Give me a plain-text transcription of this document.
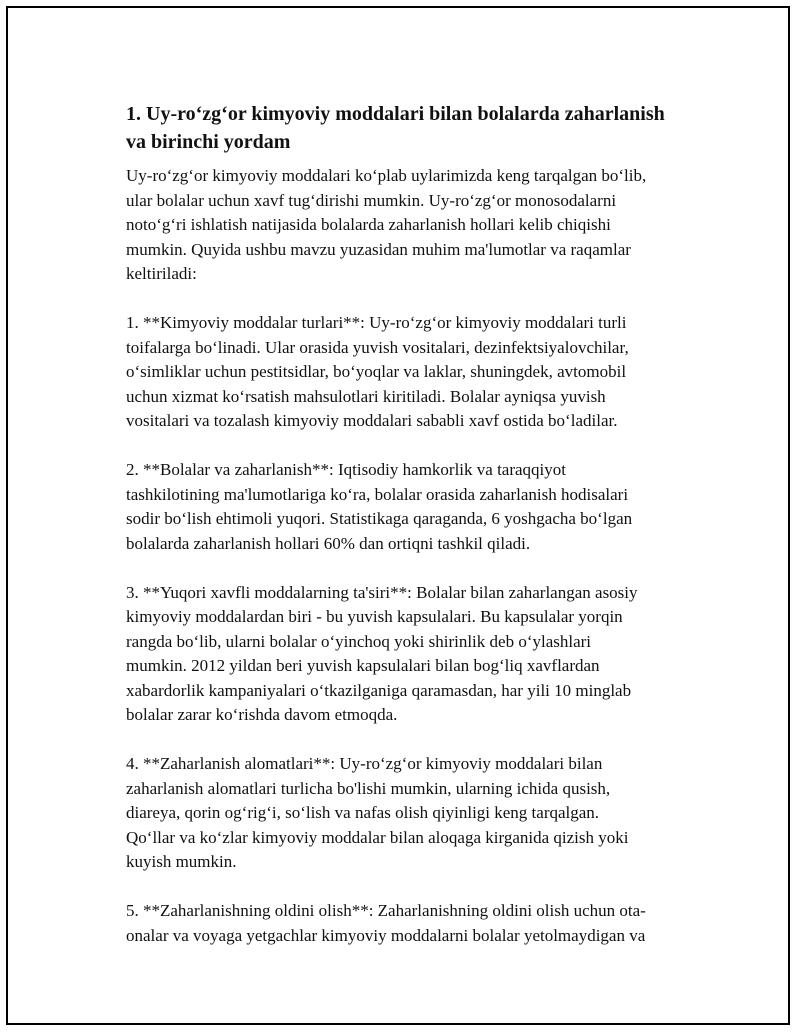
1. Uy-ro‘zg‘or kimyoviy moddalari bilan bolalarda zaharlanish
va birinchi yordam

Uy-ro‘zg‘or kimyoviy moddalari ko‘plab uylarimizda keng tarqalgan bo‘lib,
ular bolalar uchun xavf tug‘dirishi mumkin. Uy-ro‘zg‘or monosodalarni
noto‘g‘ri ishlatish natijasida bolalarda zaharlanish hollari kelib chiqishi
mumkin. Quyida ushbu mavzu yuzasidan muhim ma'lumotlar va raqamlar
keltiriladi:

1. **Kimyoviy moddalar turlari**: Uy-ro‘zg‘or kimyoviy moddalari turli
toifalarga bo‘linadi. Ular orasida yuvish vositalari, dezinfektsiyalovchilar,
o‘simliklar uchun pestitsidlar, bo‘yoqlar va laklar, shuningdek, avtomobil
uchun xizmat ko‘rsatish mahsulotlari kiritiladi. Bolalar ayniqsa yuvish
vositalari va tozalash kimyoviy moddalari sababli xavf ostida bo‘ladilar.

2. **Bolalar va zaharlanish**: Iqtisodiy hamkorlik va taraqqiyot
tashkilotining ma'lumotlariga ko‘ra, bolalar orasida zaharlanish hodisalari
sodir bo‘lish ehtimoli yuqori. Statistikaga qaraganda, 6 yoshgacha bo‘lgan
bolalarda zaharlanish hollari 60% dan ortiqni tashkil qiladi.

3. **Yuqori xavfli moddalarning ta'siri**: Bolalar bilan zaharlangan asosiy
kimyoviy moddalardan biri - bu yuvish kapsulalari. Bu kapsulalar yorqin
rangda bo‘lib, ularni bolalar o‘yinchoq yoki shirinlik deb o‘ylashlari
mumkin. 2012 yildan beri yuvish kapsulalari bilan bog‘liq xavflardan
xabardorlik kampaniyalari o‘tkazilganiga qaramasdan, har yili 10 minglab
bolalar zarar ko‘rishda davom etmoqda.

4. **Zaharlanish alomatlari**: Uy-ro‘zg‘or kimyoviy moddalari bilan
zaharlanish alomatlari turlicha bo'lishi mumkin, ularning ichida qusish,
diareya, qorin og‘rig‘i, so‘lish va nafas olish qiyinligi keng tarqalgan.
Qo‘llar va ko‘zlar kimyoviy moddalar bilan aloqaga kirganida qizish yoki
kuyish mumkin.

5. **Zaharlanishning oldini olish**: Zaharlanishning oldini olish uchun ota-
onalar va voyaga yetgachlar kimyoviy moddalarni bolalar yetolmaydigan va
